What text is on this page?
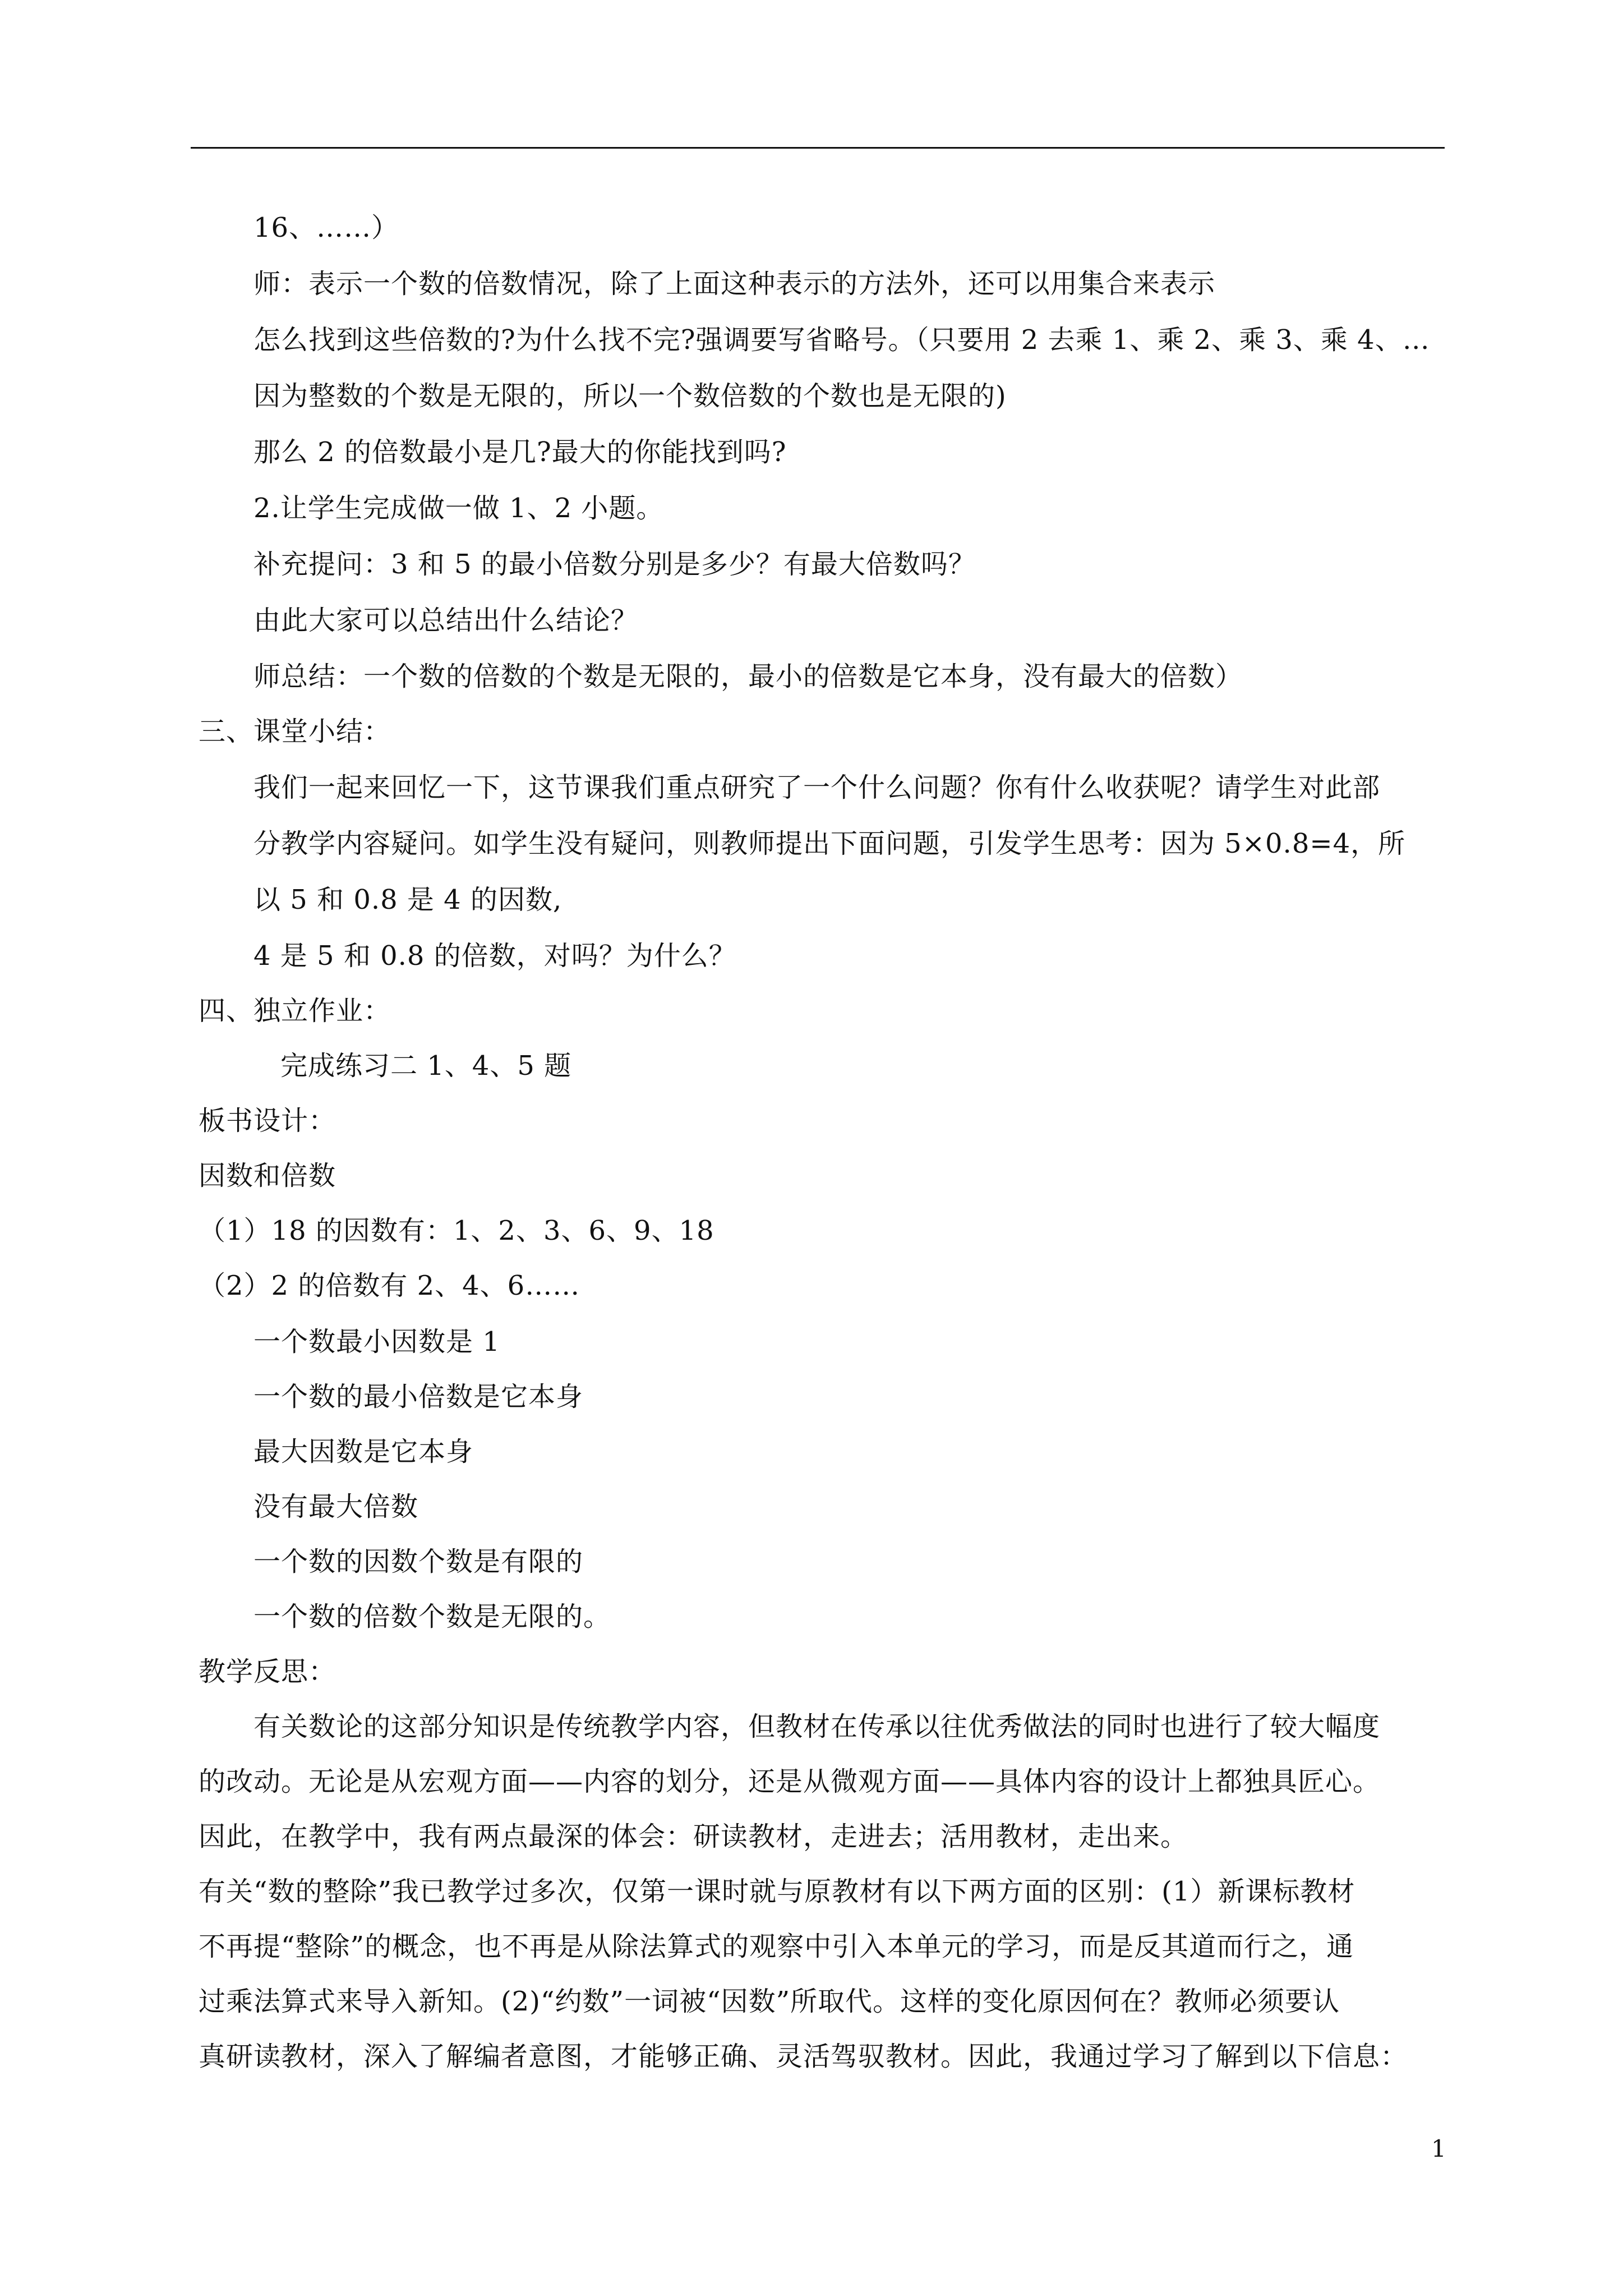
16、……）
师：表示一个数的倍数情况，除了上面这种表示的方法外，还可以用集合来表示
怎么找到这些倍数的?为什么找不完?强调要写省略号。（只要用 2 去乘 1、乘 2、乘 3、乘 4、…
因为整数的个数是无限的，所以一个数倍数的个数也是无限的)
那么 2 的倍数最小是几?最大的你能找到吗?
2.让学生完成做一做 1、2 小题。
补充提问：3 和 5 的最小倍数分别是多少？有最大倍数吗？
由此大家可以总结出什么结论？
师总结：一个数的倍数的个数是无限的，最小的倍数是它本身，没有最大的倍数）
三、课堂小结：
我们一起来回忆一下，这节课我们重点研究了一个什么问题？你有什么收获呢？请学生对此部
分教学内容疑问。如学生没有疑问，则教师提出下面问题，引发学生思考：因为 5×0.8=4，所
以 5 和 0.8 是 4 的因数,
4 是 5 和 0.8 的倍数，对吗？为什么？
四、独立作业：
完成练习二 1、4、5 题
板书设计：
因数和倍数
（1）18 的因数有：1、2、3、6、9、18
（2）2 的倍数有 2、4、6……
一个数最小因数是 1
一个数的最小倍数是它本身
最大因数是它本身
没有最大倍数
一个数的因数个数是有限的
一个数的倍数个数是无限的。
教学反思：
有关数论的这部分知识是传统教学内容，但教材在传承以往优秀做法的同时也进行了较大幅度
的改动。无论是从宏观方面——内容的划分，还是从微观方面——具体内容的设计上都独具匠心。
因此，在教学中，我有两点最深的体会：研读教材，走进去；活用教材，走出来。
有关“数的整除”我已教学过多次，仅第一课时就与原教材有以下两方面的区别：(1）新课标教材
不再提“整除”的概念，也不再是从除法算式的观察中引入本单元的学习，而是反其道而行之，通
过乘法算式来导入新知。(2)“约数”一词被“因数”所取代。这样的变化原因何在？教师必须要认
真研读教材，深入了解编者意图，才能够正确、灵活驾驭教材。因此，我通过学习了解到以下信息：
1
